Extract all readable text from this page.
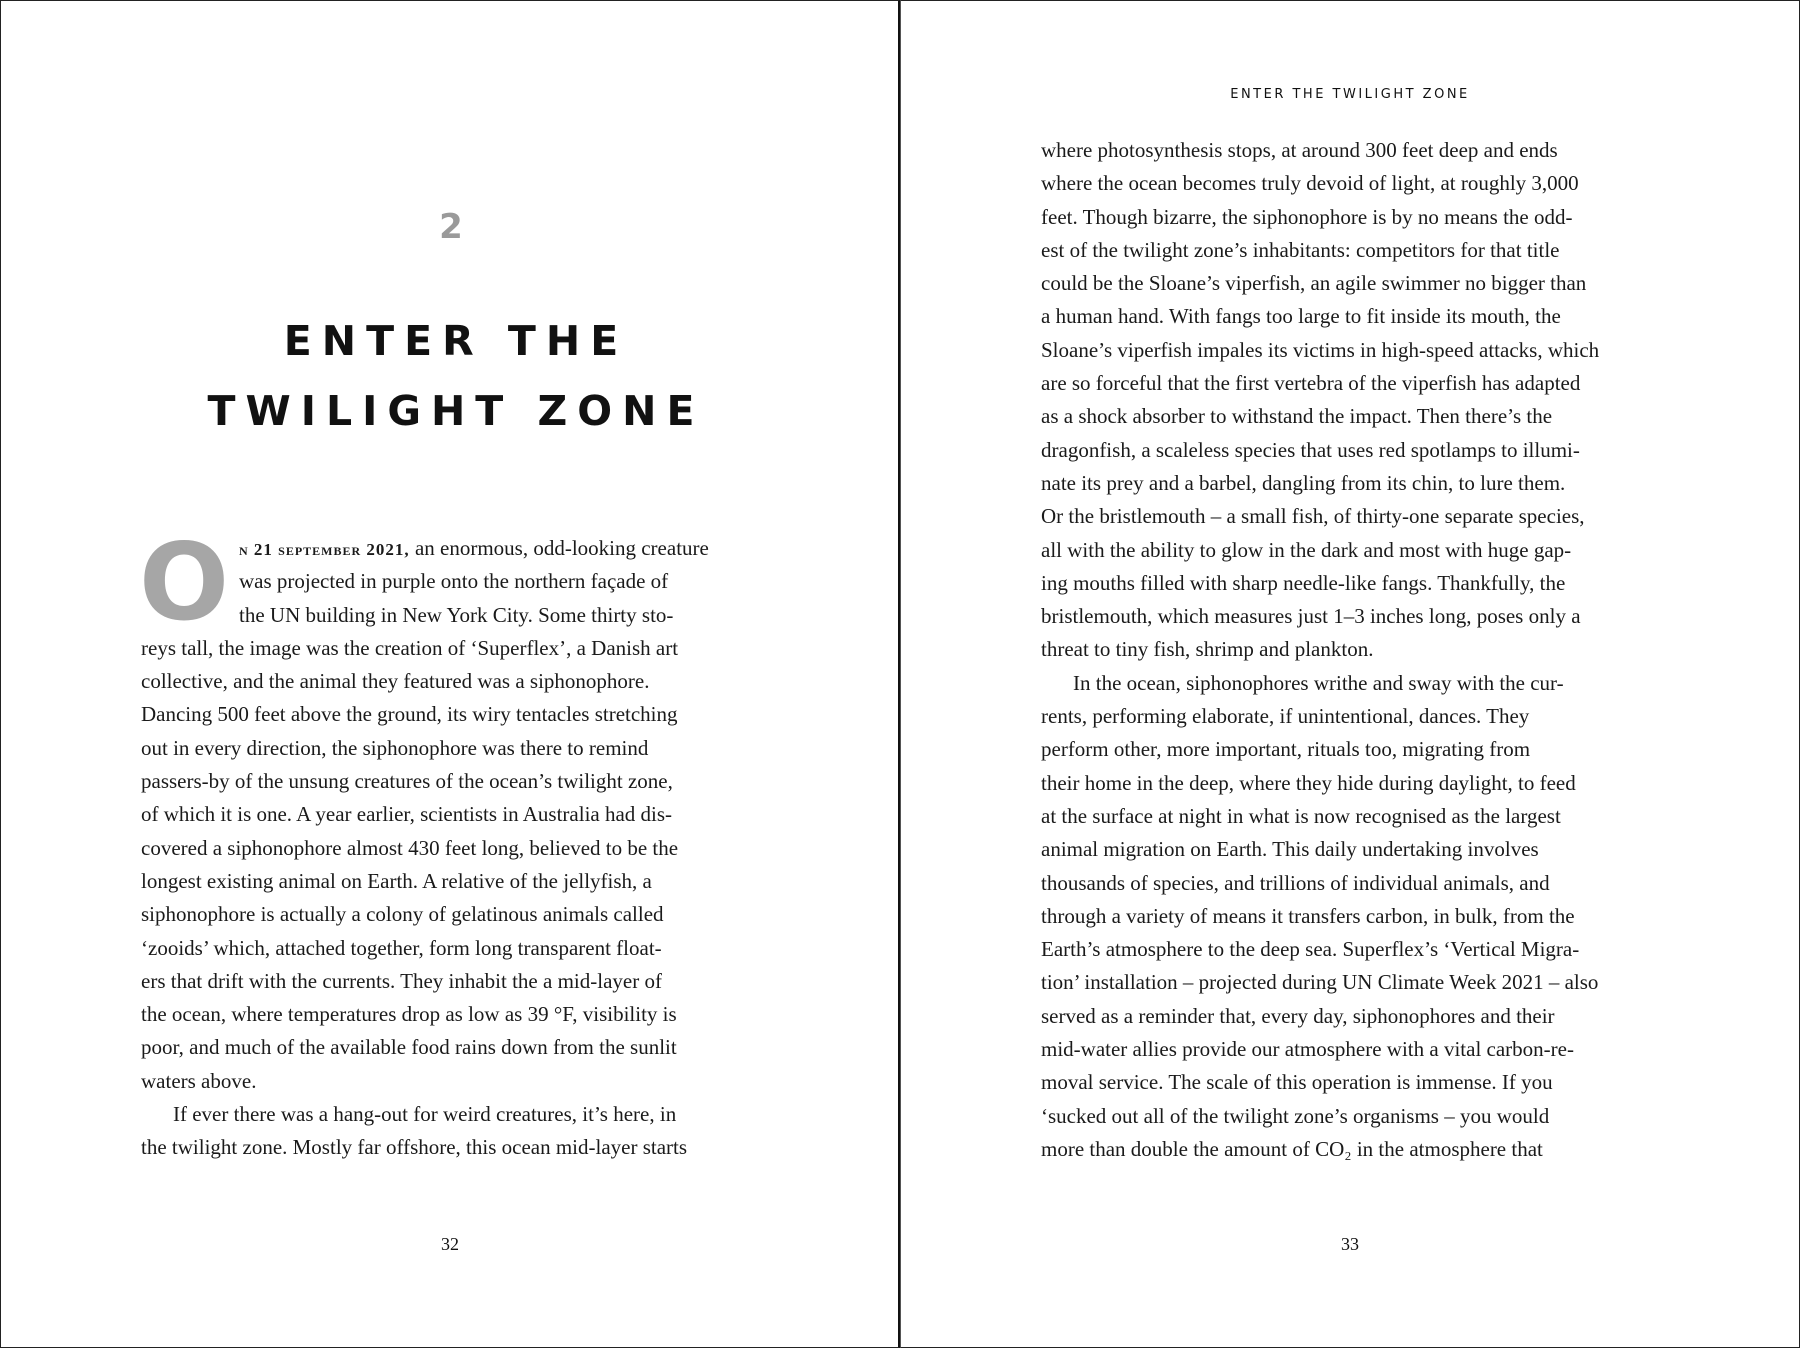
2
ENTER THE
TWILIGHT ZONE
O n 21 september 2021, an enormous, odd-looking creature
was projected in purple onto the northern façade of
the UN building in New York City. Some thirty sto-
reys tall, the image was the creation of ‘Superflex’, a Danish art
collective, and the animal they featured was a siphonophore.
Dancing 500 feet above the ground, its wiry tentacles stretching
out in every direction, the siphonophore was there to remind
passers-by of the unsung creatures of the ocean’s twilight zone,
of which it is one. A year earlier, scientists in Australia had dis-
covered a siphonophore almost 430 feet long, believed to be the
longest existing animal on Earth. A relative of the jellyfish, a
siphonophore is actually a colony of gelatinous animals called
‘zooids’ which, attached together, form long transparent float-
ers that drift with the currents. They inhabit the a mid-layer of
the ocean, where temperatures drop as low as 39 °F, visibility is
poor, and much of the available food rains down from the sunlit
waters above.
If ever there was a hang-out for weird creatures, it’s here, in
the twilight zone. Mostly far offshore, this ocean mid-layer starts
32
ENTER THE TWILIGHT ZONE
where photosynthesis stops, at around 300 feet deep and ends
where the ocean becomes truly devoid of light, at roughly 3,000
feet. Though bizarre, the siphonophore is by no means the odd-
est of the twilight zone’s inhabitants: competitors for that title
could be the Sloane’s viperfish, an agile swimmer no bigger than
a human hand. With fangs too large to fit inside its mouth, the
Sloane’s viperfish impales its victims in high-speed attacks, which
are so forceful that the first vertebra of the viperfish has adapted
as a shock absorber to withstand the impact. Then there’s the
dragonfish, a scaleless species that uses red spotlamps to illumi-
nate its prey and a barbel, dangling from its chin, to lure them.
Or the bristlemouth – a small fish, of thirty-one separate species,
all with the ability to glow in the dark and most with huge gap-
ing mouths filled with sharp needle-like fangs. Thankfully, the
bristlemouth, which measures just 1–3 inches long, poses only a
threat to tiny fish, shrimp and plankton.
In the ocean, siphonophores writhe and sway with the cur-
rents, performing elaborate, if unintentional, dances. They
perform other, more important, rituals too, migrating from
their home in the deep, where they hide during daylight, to feed
at the surface at night in what is now recognised as the largest
animal migration on Earth. This daily undertaking involves
thousands of species, and trillions of individual animals, and
through a variety of means it transfers carbon, in bulk, from the
Earth’s atmosphere to the deep sea. Superflex’s ‘Vertical Migra-
tion’ installation – projected during UN Climate Week 2021 – also
served as a reminder that, every day, siphonophores and their
mid-water allies provide our atmosphere with a vital carbon-re-
moval service. The scale of this operation is immense. If you
‘sucked out all of the twilight zone’s organisms – you would
more than double the amount of CO₂ in the atmosphere that
33
